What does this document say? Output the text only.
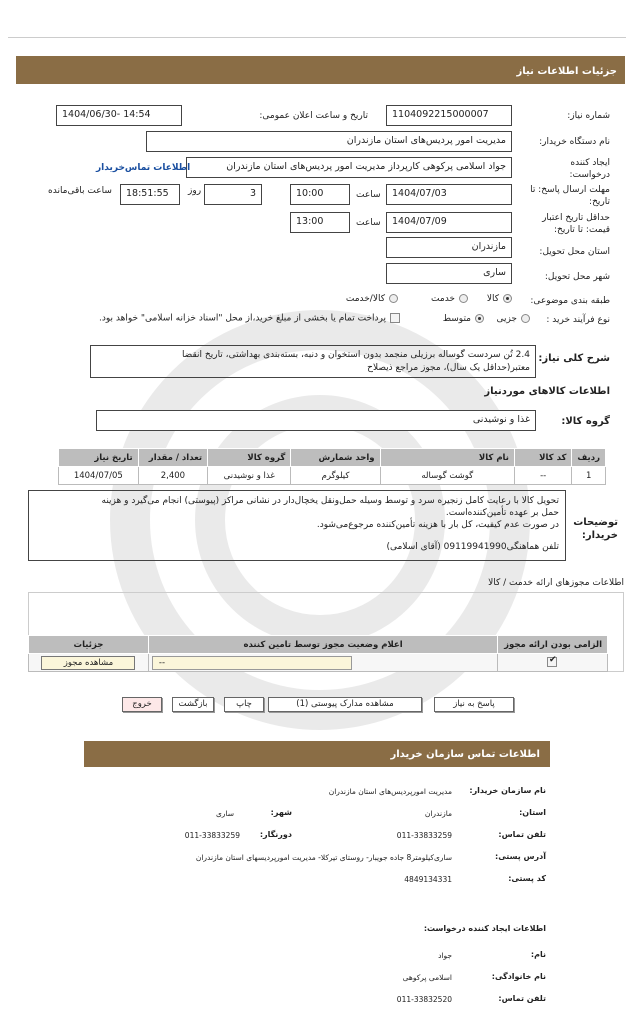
جزئیات اطلاعات نیاز
شماره نیاز:
1104092215000007
تاریخ و ساعت اعلان عمومی:
1404/06/30- 14:54
نام دستگاه خریدار:
مدیریت امور پردیس‌های استان مازندران
ایجاد کننده درخواست:
جواد اسلامی پرکوهی کارپرداز مدیریت امور پردیس‌های استان مازندران
اطلاعات تماس‌خریدار
مهلت ارسال پاسخ: تا تاریخ:
1404/07/03
ساعت
10:00
3
روز
18:51:55
ساعت باقی‌مانده
حداقل تاریخ اعتبار قیمت: تا تاریخ:
1404/07/09
ساعت
13:00
استان محل تحویل:
مازندران
شهر محل تحویل:
ساری
طبقه بندی موضوعی:
کالا
خدمت
کالا/خدمت
نوع فرآیند خرید :
جزیی
متوسط
پرداخت تمام یا بخشی از مبلغ خرید،از محل "اسناد خزانه اسلامی" خواهد بود.
شرح کلی نیاز:
2.4 تُن سردست گوساله برزیلی منجمد بدون استخوان و دنبه، بسته‌بندی بهداشتی، تاریخ انقضا
معتبر(حداقل یک سال)، مجوز مراجع ذیصلاح
اطلاعات کالاهای مورد‌نیاز
گروه کالا:
غذا و نوشیدنی
ردیف	کد کالا	نام کالا	واحد شمارش	گروه کالا	تعداد / مقدار	تاریخ نیاز
1	--	گوشت گوساله	کیلوگرم	غذا و نوشیدنی	2,400	1404/07/05
توضیحات خریدار:
تحویل کالا با رعایت کامل زنجیره سرد و توسط وسیله حمل‌ونقل یخچال‌دار در نشانی مراکز (پیوستی) انجام می‌گیرد و هزینه
حمل بر عهده تأمین‌کننده‌است.
در صورت عدم کیفیت، کل بار با هزینه تأمین‌کننده مرجوع‌می‌شود.
تلفن هماهنگی09119941990 (آقای اسلامی)
اطلاعات مجوزهای ارائه خدمت / کالا
الزامی بودن ارائه مجوز	اعلام وضعیت مجوز توسط تامین کننده	جزئیات

✔	--	مشاهده مجوز
پاسخ به نیاز
مشاهده مدارک پیوستی (1)
چاپ
بازگشت
خروج
اطلاعات تماس سازمان خریدار
نام سازمان خریدار:
مدیریت امورپردیس‌های استان مازندران
استان:
مازندران
شهر:
ساری
تلفن تماس:
011-33833259
دورنگار:
011-33833259
آدرس پستی:
ساری‌کیلومتر8 جاده جویبار- روستای تیرکلا- مدیریت امورپردیسهای استان مازندران
کد پستی:
4849134331
اطلاعات ایجاد کننده درخواست:
نام:
جواد
نام خانوادگی:
اسلامی پرکوهی
تلفن تماس:
011-33832520
